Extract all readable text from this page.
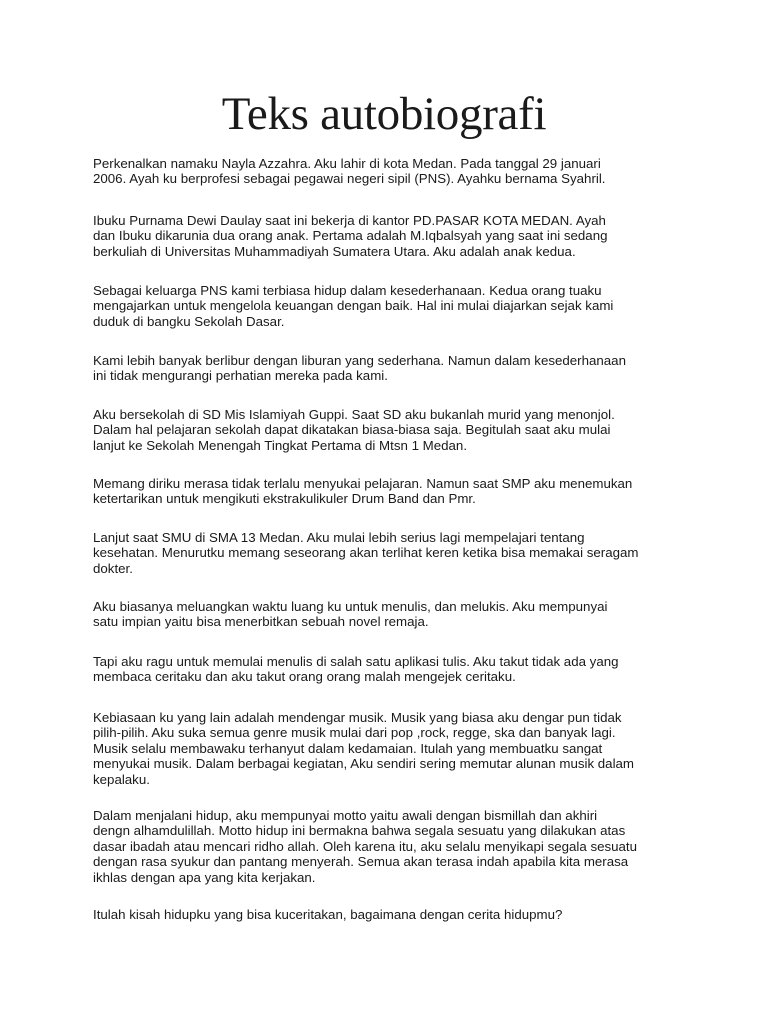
Teks autobiografi

Perkenalkan namaku Nayla Azzahra. Aku lahir di kota Medan. Pada tanggal 29 januari
2006. Ayah ku berprofesi sebagai pegawai negeri sipil (PNS). Ayahku bernama Syahril.

Ibuku Purnama Dewi Daulay saat ini bekerja di kantor PD.PASAR KOTA MEDAN. Ayah
dan Ibuku dikarunia dua orang anak. Pertama adalah M.Iqbalsyah yang saat ini sedang
berkuliah di Universitas Muhammadiyah Sumatera Utara. Aku adalah anak kedua.

Sebagai keluarga PNS kami terbiasa hidup dalam kesederhanaan. Kedua orang tuaku
mengajarkan untuk mengelola keuangan dengan baik. Hal ini mulai diajarkan sejak kami
duduk di bangku Sekolah Dasar.

Kami lebih banyak berlibur dengan liburan yang sederhana. Namun dalam kesederhanaan
ini tidak mengurangi perhatian mereka pada kami.

Aku bersekolah di SD Mis Islamiyah Guppi. Saat SD aku bukanlah murid yang menonjol.
Dalam hal pelajaran sekolah dapat dikatakan biasa-biasa saja. Begitulah saat aku mulai
lanjut ke Sekolah Menengah Tingkat Pertama di Mtsn 1 Medan.

Memang diriku merasa tidak terlalu menyukai pelajaran. Namun saat SMP aku menemukan
ketertarikan untuk mengikuti ekstrakulikuler Drum Band dan Pmr.

Lanjut saat SMU di SMA 13 Medan. Aku mulai lebih serius lagi mempelajari tentang
kesehatan. Menurutku memang seseorang akan terlihat keren ketika bisa memakai seragam
dokter.

Aku biasanya meluangkan waktu luang ku untuk menulis, dan melukis. Aku mempunyai
satu impian yaitu bisa menerbitkan sebuah novel remaja.

Tapi aku ragu untuk memulai menulis di salah satu aplikasi tulis. Aku takut tidak ada yang
membaca ceritaku dan aku takut orang orang malah mengejek ceritaku.

Kebiasaan ku yang lain adalah mendengar musik. Musik yang biasa aku dengar pun tidak
pilih-pilih. Aku suka semua genre musik mulai dari pop ,rock, regge, ska dan banyak lagi.
Musik selalu membawaku terhanyut dalam kedamaian. Itulah yang membuatku sangat
menyukai musik. Dalam berbagai kegiatan, Aku sendiri sering memutar alunan musik dalam
kepalaku.

Dalam menjalani hidup, aku mempunyai motto yaitu awali dengan bismillah dan akhiri
dengn alhamdulillah. Motto hidup ini bermakna bahwa segala sesuatu yang dilakukan atas
dasar ibadah atau mencari ridho allah. Oleh karena itu, aku selalu menyikapi segala sesuatu
dengan rasa syukur dan pantang menyerah. Semua akan terasa indah apabila kita merasa
ikhlas dengan apa yang kita kerjakan.

Itulah kisah hidupku yang bisa kuceritakan, bagaimana dengan cerita hidupmu?
